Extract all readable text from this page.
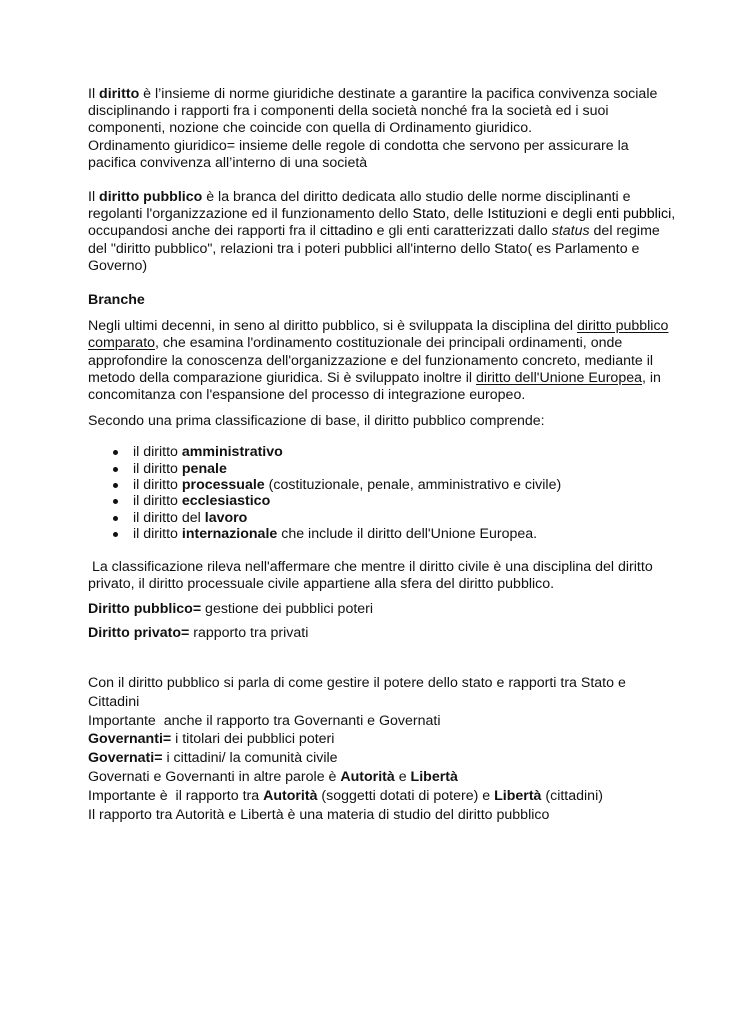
Il diritto è l’insieme di norme giuridiche destinate a garantire la pacifica convivenza sociale disciplinando i rapporti fra i componenti della società nonché fra la società ed i suoi componenti, nozione che coincide con quella di Ordinamento giuridico.

Ordinamento giuridico= insieme delle regole di condotta che servono per assicurare la pacifica convivenza all’interno di una società

Il diritto pubblico è la branca del diritto dedicata allo studio delle norme disciplinanti e regolanti l'organizzazione ed il funzionamento dello Stato, delle Istituzioni e degli enti pubblici, occupandosi anche dei rapporti fra il cittadino e gli enti caratterizzati dallo status del regime del "diritto pubblico", relazioni tra i poteri pubblici all'interno dello Stato( es Parlamento e Governo)

Branche

Negli ultimi decenni, in seno al diritto pubblico, si è sviluppata la disciplina del diritto pubblico comparato, che esamina l'ordinamento costituzionale dei principali ordinamenti, onde approfondire la conoscenza dell'organizzazione e del funzionamento concreto, mediante il metodo della comparazione giuridica. Si è sviluppato inoltre il diritto dell'Unione Europea, in concomitanza con l'espansione del processo di integrazione europeo.

Secondo una prima classificazione di base, il diritto pubblico comprende:

il diritto amministrativo
il diritto penale
il diritto processuale (costituzionale, penale, amministrativo e civile)
il diritto ecclesiastico
il diritto del lavoro
il diritto internazionale che include il diritto dell'Unione Europea.

La classificazione rileva nell'affermare che mentre il diritto civile è una disciplina del diritto privato, il diritto processuale civile appartiene alla sfera del diritto pubblico.

Diritto pubblico= gestione dei pubblici poteri

Diritto privato= rapporto tra privati

Con il diritto pubblico si parla di come gestire il potere dello stato e rapporti tra Stato e Cittadini

Importante  anche il rapporto tra Governanti e Governati

Governanti= i titolari dei pubblici poteri

Governati= i cittadini/ la comunità civile

Governati e Governanti in altre parole è Autorità e Libertà

Importante è  il rapporto tra Autorità (soggetti dotati di potere) e Libertà (cittadini)

Il rapporto tra Autorità e Libertà è una materia di studio del diritto pubblico
